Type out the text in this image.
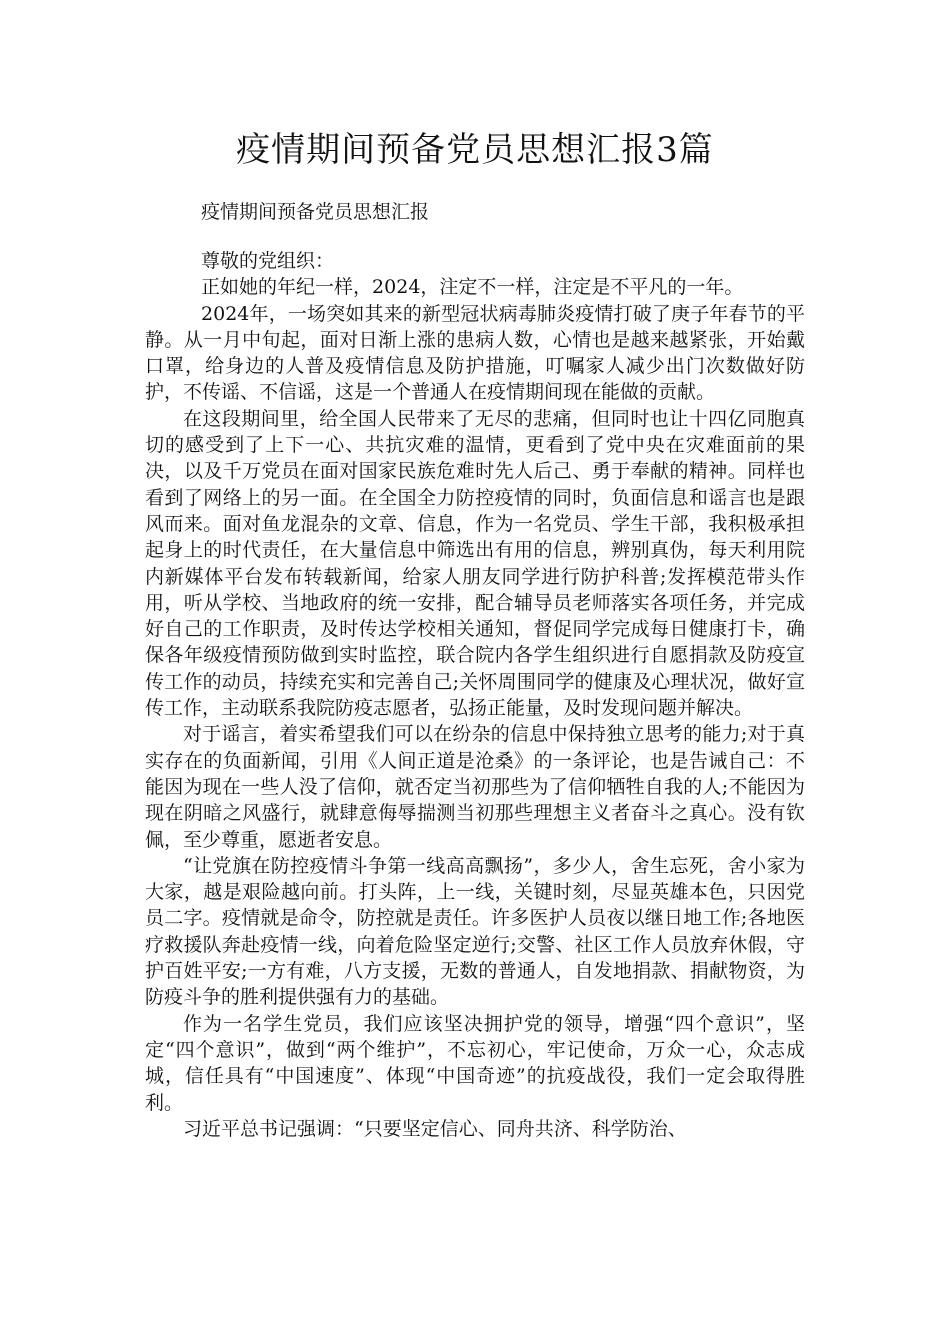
疫情期间预备党员思想汇报3篇

疫情期间预备党员思想汇报

尊敬的党组织：

正如她的年纪一样，2024，注定不一样，注定是不平凡的一年。

2024年，一场突如其来的新型冠状病毒肺炎疫情打破了庚子年春节的平静。从一月中旬起，面对日渐上涨的患病人数，心情也是越来越紧张，开始戴口罩，给身边的人普及疫情信息及防护措施，叮嘱家人减少出门次数做好防护，不传谣、不信谣，这是一个普通人在疫情期间现在能做的贡献。

在这段期间里，给全国人民带来了无尽的悲痛，但同时也让十四亿同胞真切的感受到了上下一心、共抗灾难的温情，更看到了党中央在灾难面前的果决，以及千万党员在面对国家民族危难时先人后己、勇于奉献的精神。同样也看到了网络上的另一面。在全国全力防控疫情的同时，负面信息和谣言也是跟风而来。面对鱼龙混杂的文章、信息，作为一名党员、学生干部，我积极承担起身上的时代责任，在大量信息中筛选出有用的信息，辨别真伪，每天利用院内新媒体平台发布转载新闻，给家人朋友同学进行防护科普;发挥模范带头作用，听从学校、当地政府的统一安排，配合辅导员老师落实各项任务，并完成好自己的工作职责，及时传达学校相关通知，督促同学完成每日健康打卡，确保各年级疫情预防做到实时监控，联合院内各学生组织进行自愿捐款及防疫宣传工作的动员，持续充实和完善自己;关怀周围同学的健康及心理状况，做好宣传工作，主动联系我院防疫志愿者，弘扬正能量，及时发现问题并解决。

对于谣言，着实希望我们可以在纷杂的信息中保持独立思考的能力;对于真实存在的负面新闻，引用《人间正道是沧桑》的一条评论，也是告诫自己：不能因为现在一些人没了信仰，就否定当初那些为了信仰牺牲自我的人;不能因为现在阴暗之风盛行，就肆意侮辱揣测当初那些理想主义者奋斗之真心。没有钦佩，至少尊重，愿逝者安息。

“让党旗在防控疫情斗争第一线高高飘扬”，多少人，舍生忘死，舍小家为大家，越是艰险越向前。打头阵，上一线，关键时刻，尽显英雄本色，只因党员二字。疫情就是命令，防控就是责任。许多医护人员夜以继日地工作;各地医疗救援队奔赴疫情一线，向着危险坚定逆行;交警、社区工作人员放弃休假，守护百姓平安;一方有难，八方支援，无数的普通人，自发地捐款、捐献物资，为防疫斗争的胜利提供强有力的基础。

作为一名学生党员，我们应该坚决拥护党的领导，增强“四个意识”，坚定“四个意识”，做到“两个维护”，不忘初心，牢记使命，万众一心，众志成城，信任具有“中国速度”、体现“中国奇迹”的抗疫战役，我们一定会取得胜利。

习近平总书记强调：“只要坚定信心、同舟共济、科学防治、
